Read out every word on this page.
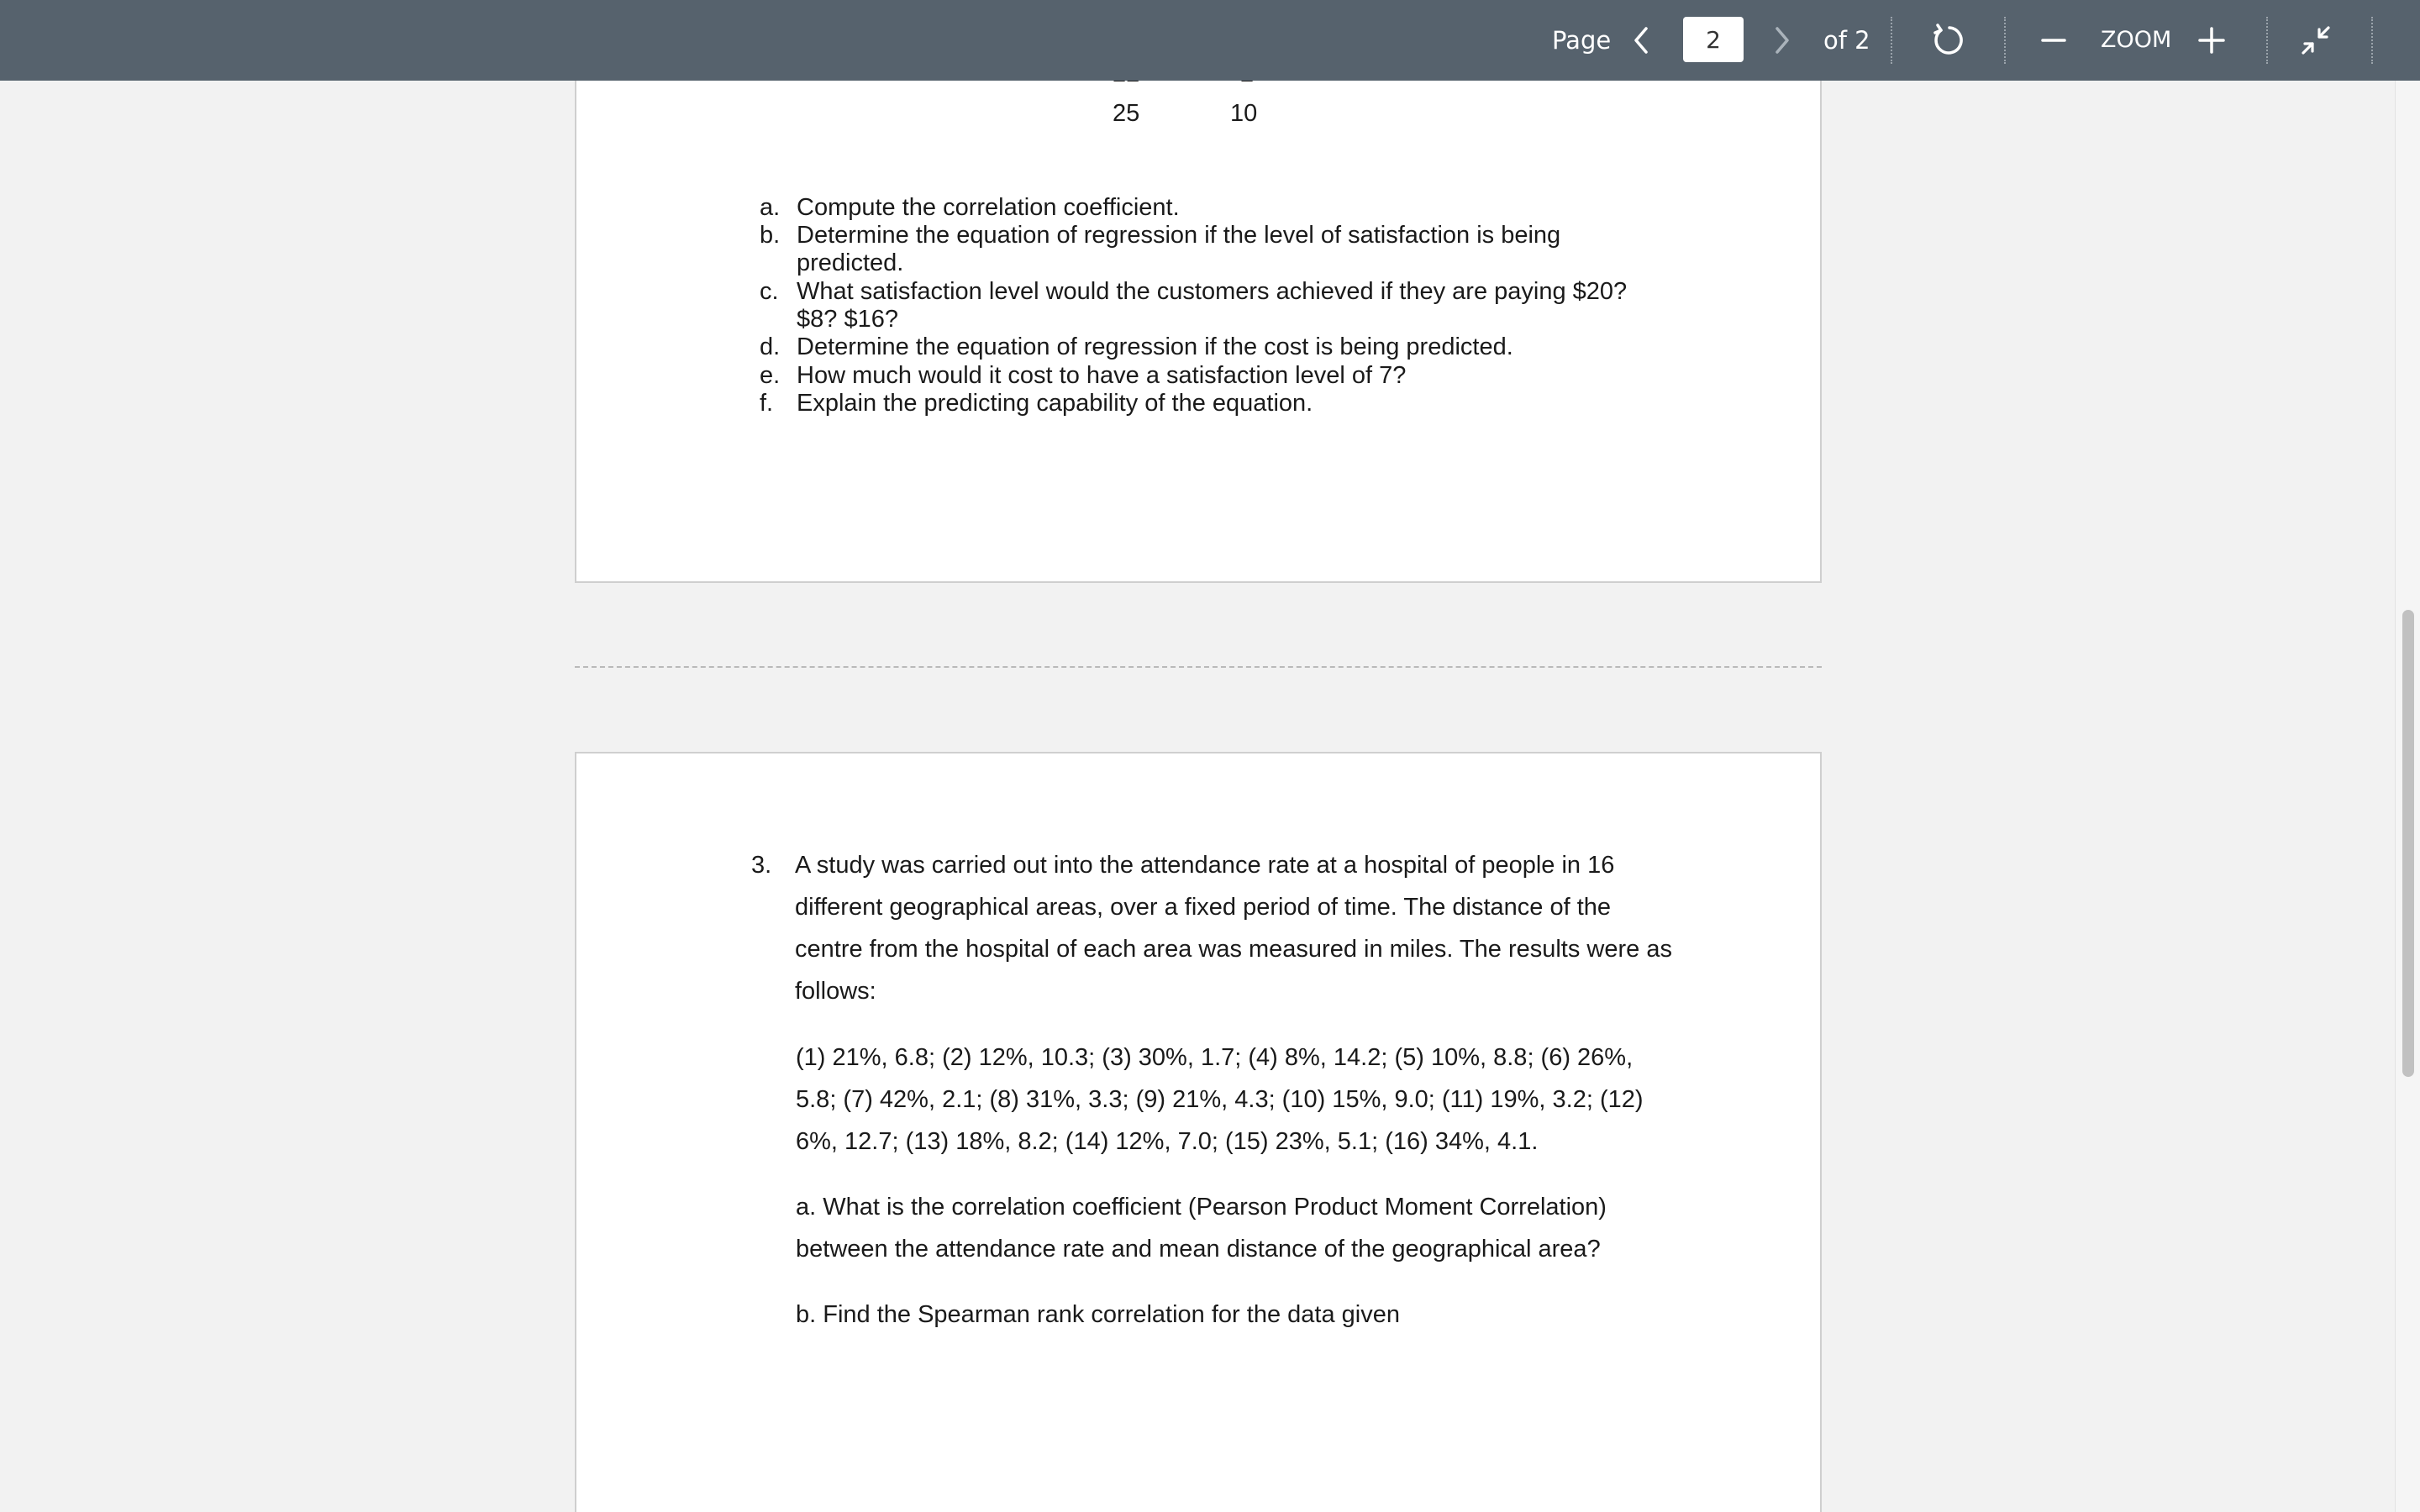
25	10
a. Compute the correlation coefficient.
b. Determine the equation of regression if the level of satisfaction is being
predicted.
c. What satisfaction level would the customers achieved if they are paying $20?
$8? $16?
d. Determine the equation of regression if the cost is being predicted.
e. How much would it cost to have a satisfaction level of 7?
f. Explain the predicting capability of the equation.
3. A study was carried out into the attendance rate at a hospital of people in 16
different geographical areas, over a fixed period of time. The distance of the
centre from the hospital of each area was measured in miles. The results were as
follows:
(1) 21%, 6.8; (2) 12%, 10.3; (3) 30%, 1.7; (4) 8%, 14.2; (5) 10%, 8.8; (6) 26%,
5.8; (7) 42%, 2.1; (8) 31%, 3.3; (9) 21%, 4.3; (10) 15%, 9.0; (11) 19%, 3.2; (12)
6%, 12.7; (13) 18%, 8.2; (14) 12%, 7.0; (15) 23%, 5.1; (16) 34%, 4.1.
a. What is the correlation coefficient (Pearson Product Moment Correlation)
between the attendance rate and mean distance of the geographical area?
b. Find the Spearman rank correlation for the data given
Page
2	of 2	ZOOM
